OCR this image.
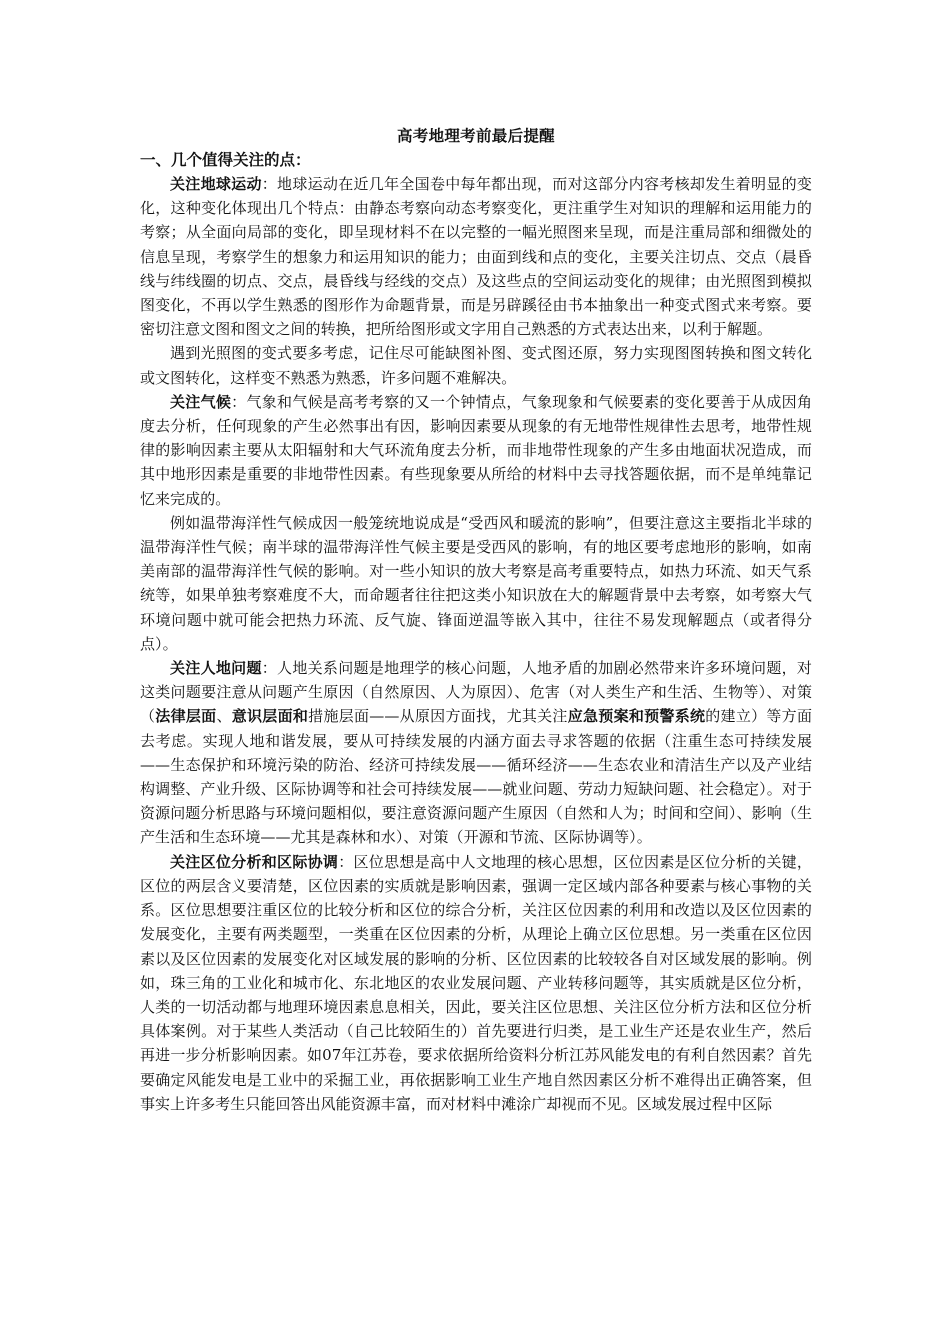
高考地理考前最后提醒

一、几个值得关注的点：

关注地球运动：地球运动在近几年全国卷中每年都出现，而对这部分内容考核却发生着明显的变化，这种变化体现出几个特点：由静态考察向动态考察变化，更注重学生对知识的理解和运用能力的考察；从全面向局部的变化，即呈现材料不在以完整的一幅光照图来呈现，而是注重局部和细微处的信息呈现，考察学生的想象力和运用知识的能力；由面到线和点的变化，主要关注切点、交点（晨昏线与纬线圈的切点、交点，晨昏线与经线的交点）及这些点的空间运动变化的规律；由光照图到模拟图变化，不再以学生熟悉的图形作为命题背景，而是另辟蹊径由书本抽象出一种变式图式来考察。要密切注意文图和图文之间的转换，把所给图形或文字用自己熟悉的方式表达出来，以利于解题。

遇到光照图的变式要多考虑，记住尽可能缺图补图、变式图还原，努力实现图图转换和图文转化或文图转化，这样变不熟悉为熟悉，许多问题不难解决。

关注气候：气象和气候是高考考察的又一个钟情点，气象现象和气候要素的变化要善于从成因角度去分析，任何现象的产生必然事出有因，影响因素要从现象的有无地带性规律性去思考，地带性规律的影响因素主要从太阳辐射和大气环流角度去分析，而非地带性现象的产生多由地面状况造成，而其中地形因素是重要的非地带性因素。有些现象要从所给的材料中去寻找答题依据，而不是单纯靠记忆来完成的。

例如温带海洋性气候成因一般笼统地说成是“受西风和暖流的影响”，但要注意这主要指北半球的温带海洋性气候；南半球的温带海洋性气候主要是受西风的影响，有的地区要考虑地形的影响，如南美南部的温带海洋性气候的影响。对一些小知识的放大考察是高考重要特点，如热力环流、如天气系统等，如果单独考察难度不大，而命题者往往把这类小知识放在大的解题背景中去考察，如考察大气环境问题中就可能会把热力环流、反气旋、锋面逆温等嵌入其中，往往不易发现解题点（或者得分点）。

关注人地问题：人地关系问题是地理学的核心问题，人地矛盾的加剧必然带来许多环境问题，对这类问题要注意从问题产生原因（自然原因、人为原因）、危害（对人类生产和生活、生物等）、对策（法律层面、意识层面和措施层面——从原因方面找，尤其关注应急预案和预警系统的建立）等方面去考虑。实现人地和谐发展，要从可持续发展的内涵方面去寻求答题的依据（注重生态可持续发展——生态保护和环境污染的防治、经济可持续发展——循环经济——生态农业和清洁生产以及产业结构调整、产业升级、区际协调等和社会可持续发展——就业问题、劳动力短缺问题、社会稳定）。对于资源问题分析思路与环境问题相似，要注意资源问题产生原因（自然和人为；时间和空间）、影响（生产生活和生态环境——尤其是森林和水）、对策（开源和节流、区际协调等）。

关注区位分析和区际协调：区位思想是高中人文地理的核心思想，区位因素是区位分析的关键，区位的两层含义要清楚，区位因素的实质就是影响因素，强调一定区域内部各种要素与核心事物的关系。区位思想要注重区位的比较分析和区位的综合分析，关注区位因素的利用和改造以及区位因素的发展变化，主要有两类题型，一类重在区位因素的分析，从理论上确立区位思想。另一类重在区位因素以及区位因素的发展变化对区域发展的影响的分析、区位因素的比较较各自对区域发展的影响。例如，珠三角的工业化和城市化、东北地区的农业发展问题、产业转移问题等，其实质就是区位分析，人类的一切活动都与地理环境因素息息相关，因此，要关注区位思想、关注区位分析方法和区位分析具体案例。对于某些人类活动（自己比较陌生的）首先要进行归类，是工业生产还是农业生产，然后再进一步分析影响因素。如07年江苏卷，要求依据所给资料分析江苏风能发电的有利自然因素？首先要确定风能发电是工业中的采掘工业，再依据影响工业生产地自然因素区分析不难得出正确答案，但事实上许多考生只能回答出风能资源丰富，而对材料中滩涂广却视而不见。区域发展过程中区际
